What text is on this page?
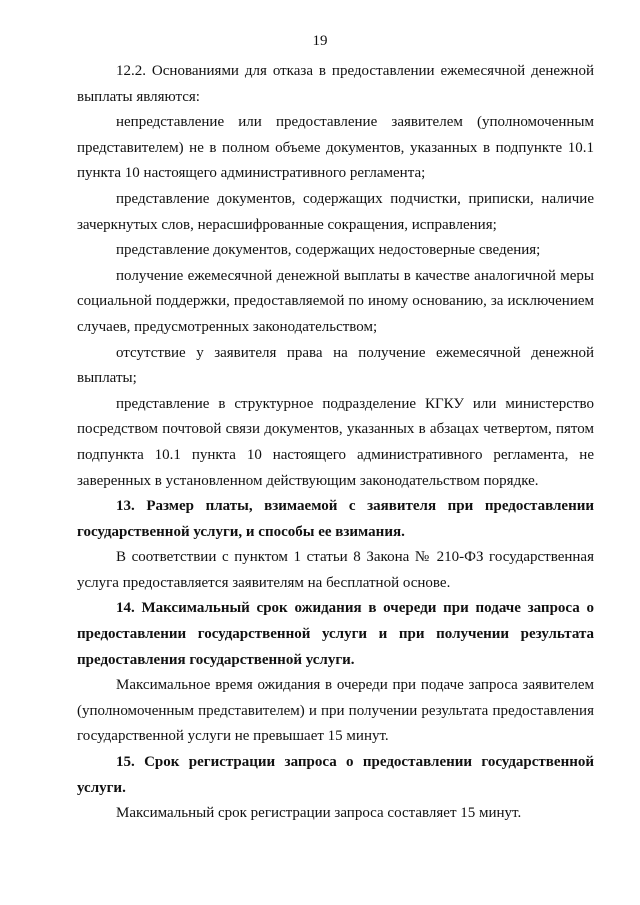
19

12.2. Основаниями для отказа в предоставлении ежемесячной денежной выплаты являются:

непредставление или предоставление заявителем (уполномоченным представителем) не в полном объеме документов, указанных в подпункте 10.1 пункта 10 настоящего административного регламента;

представление документов, содержащих подчистки, приписки, наличие зачеркнутых слов, нерасшифрованные сокращения, исправления;

представление документов, содержащих недостоверные сведения;

получение ежемесячной денежной выплаты в качестве аналогичной меры социальной поддержки, предоставляемой по иному основанию, за исключением случаев, предусмотренных законодательством;

отсутствие у заявителя права на получение ежемесячной денежной выплаты;

представление в структурное подразделение КГКУ или министерство посредством почтовой связи документов, указанных в абзацах четвертом, пятом подпункта 10.1 пункта 10 настоящего административного регламента, не заверенных в установленном действующим законодательством порядке.

13. Размер платы, взимаемой с заявителя при предоставлении государственной услуги, и способы ее взимания.

В соответствии с пунктом 1 статьи 8 Закона № 210-ФЗ государственная услуга предоставляется заявителям на бесплатной основе.

14. Максимальный срок ожидания в очереди при подаче запроса о предоставлении государственной услуги и при получении результата предоставления государственной услуги.

Максимальное время ожидания в очереди при подаче запроса заявителем (уполномоченным представителем) и при получении результата предоставления государственной услуги не превышает 15 минут.

15. Срок регистрации запроса о предоставлении государственной услуги.

Максимальный срок регистрации запроса составляет 15 минут.
